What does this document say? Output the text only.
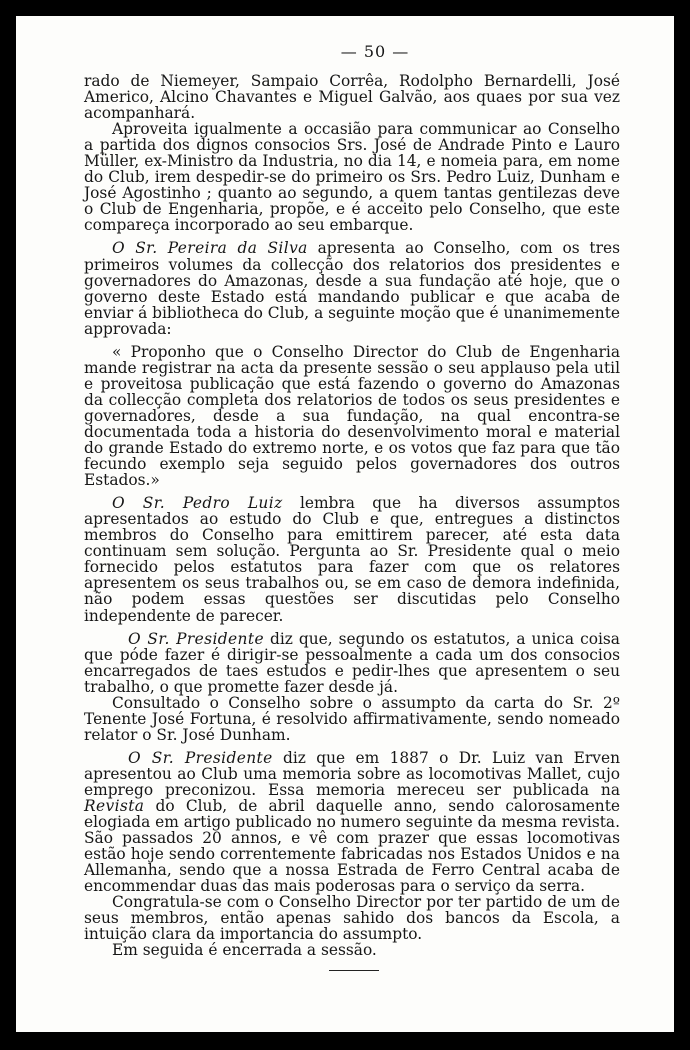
— 50 —

rado de Niemeyer, Sampaio Corrêa, Rodolpho Bernardelli, José Americo, Alcino Chavantes e Miguel Galvão, aos quaes por sua vez acompanhará.

Aproveita igualmente a occasião para communicar ao Conselho a partida dos dignos consocios Srs. José de Andrade Pinto e Lauro Müller, ex-Ministro da Industria, no dia 14, e nomeia para, em nome do Club, irem despedir-se do primeiro os Srs. Pedro Luiz, Dunham e José Agostinho ; quanto ao segundo, a quem tantas gentilezas deve o Club de Engenharia, propõe, e é acceito pelo Conselho, que este compareça incorporado ao seu embarque.

O Sr. Pereira da Silva apresenta ao Conselho, com os tres primeiros volumes da collecção dos relatorios dos presidentes e governadores do Amazonas, desde a sua fundação até hoje, que o governo deste Estado está mandando publicar e que acaba de enviar á bibliotheca do Club, a seguinte moção que é unanimemente approvada:

« Proponho que o Conselho Director do Club de Engenharia mande registrar na acta da presente sessão o seu applauso pela util e proveitosa publicação que está fazendo o governo do Amazonas da collecção completa dos relatorios de todos os seus presidentes e governadores, desde a sua fundação, na qual encontra-se documentada toda a historia do desenvolvimento moral e material do grande Estado do extremo norte, e os votos que faz para que tão fecundo exemplo seja seguido pelos governadores dos outros Estados.»

O Sr. Pedro Luiz lembra que ha diversos assumptos apresentados ao estudo do Club e que, entregues a distinctos membros do Conselho para emittirem parecer, até esta data continuam sem solução. Pergunta ao Sr. Presidente qual o meio fornecido pelos estatutos para fazer com que os relatores apresentem os seus trabalhos ou, se em caso de demora indefinida, não podem essas questões ser discutidas pelo Conselho independente de parecer.

O Sr. Presidente diz que, segundo os estatutos, a unica coisa que póde fazer é dirigir-se pessoalmente a cada um dos consocios encarregados de taes estudos e pedir-lhes que apresentem o seu trabalho, o que promette fazer desde já.

Consultado o Conselho sobre o assumpto da carta do Sr. 2º Tenente José Fortuna, é resolvido affirmativamente, sendo nomeado relator o Sr. José Dunham.

O Sr. Presidente diz que em 1887 o Dr. Luiz van Erven apresentou ao Club uma memoria sobre as locomotivas Mallet, cujo emprego preconizou. Essa memoria mereceu ser publicada na Revista do Club, de abril daquelle anno, sendo calorosamente elogiada em artigo publicado no numero seguinte da mesma revista. São passados 20 annos, e vê com prazer que essas locomotivas estão hoje sendo correntemente fabricadas nos Estados Unidos e na Allemanha, sendo que a nossa Estrada de Ferro Central acaba de encommendar duas das mais poderosas para o serviço da serra.

Congratula-se com o Conselho Director por ter partido de um de seus membros, então apenas sahido dos bancos da Escola, a intuição clara da importancia do assumpto.

Em seguida é encerrada a sessão.
